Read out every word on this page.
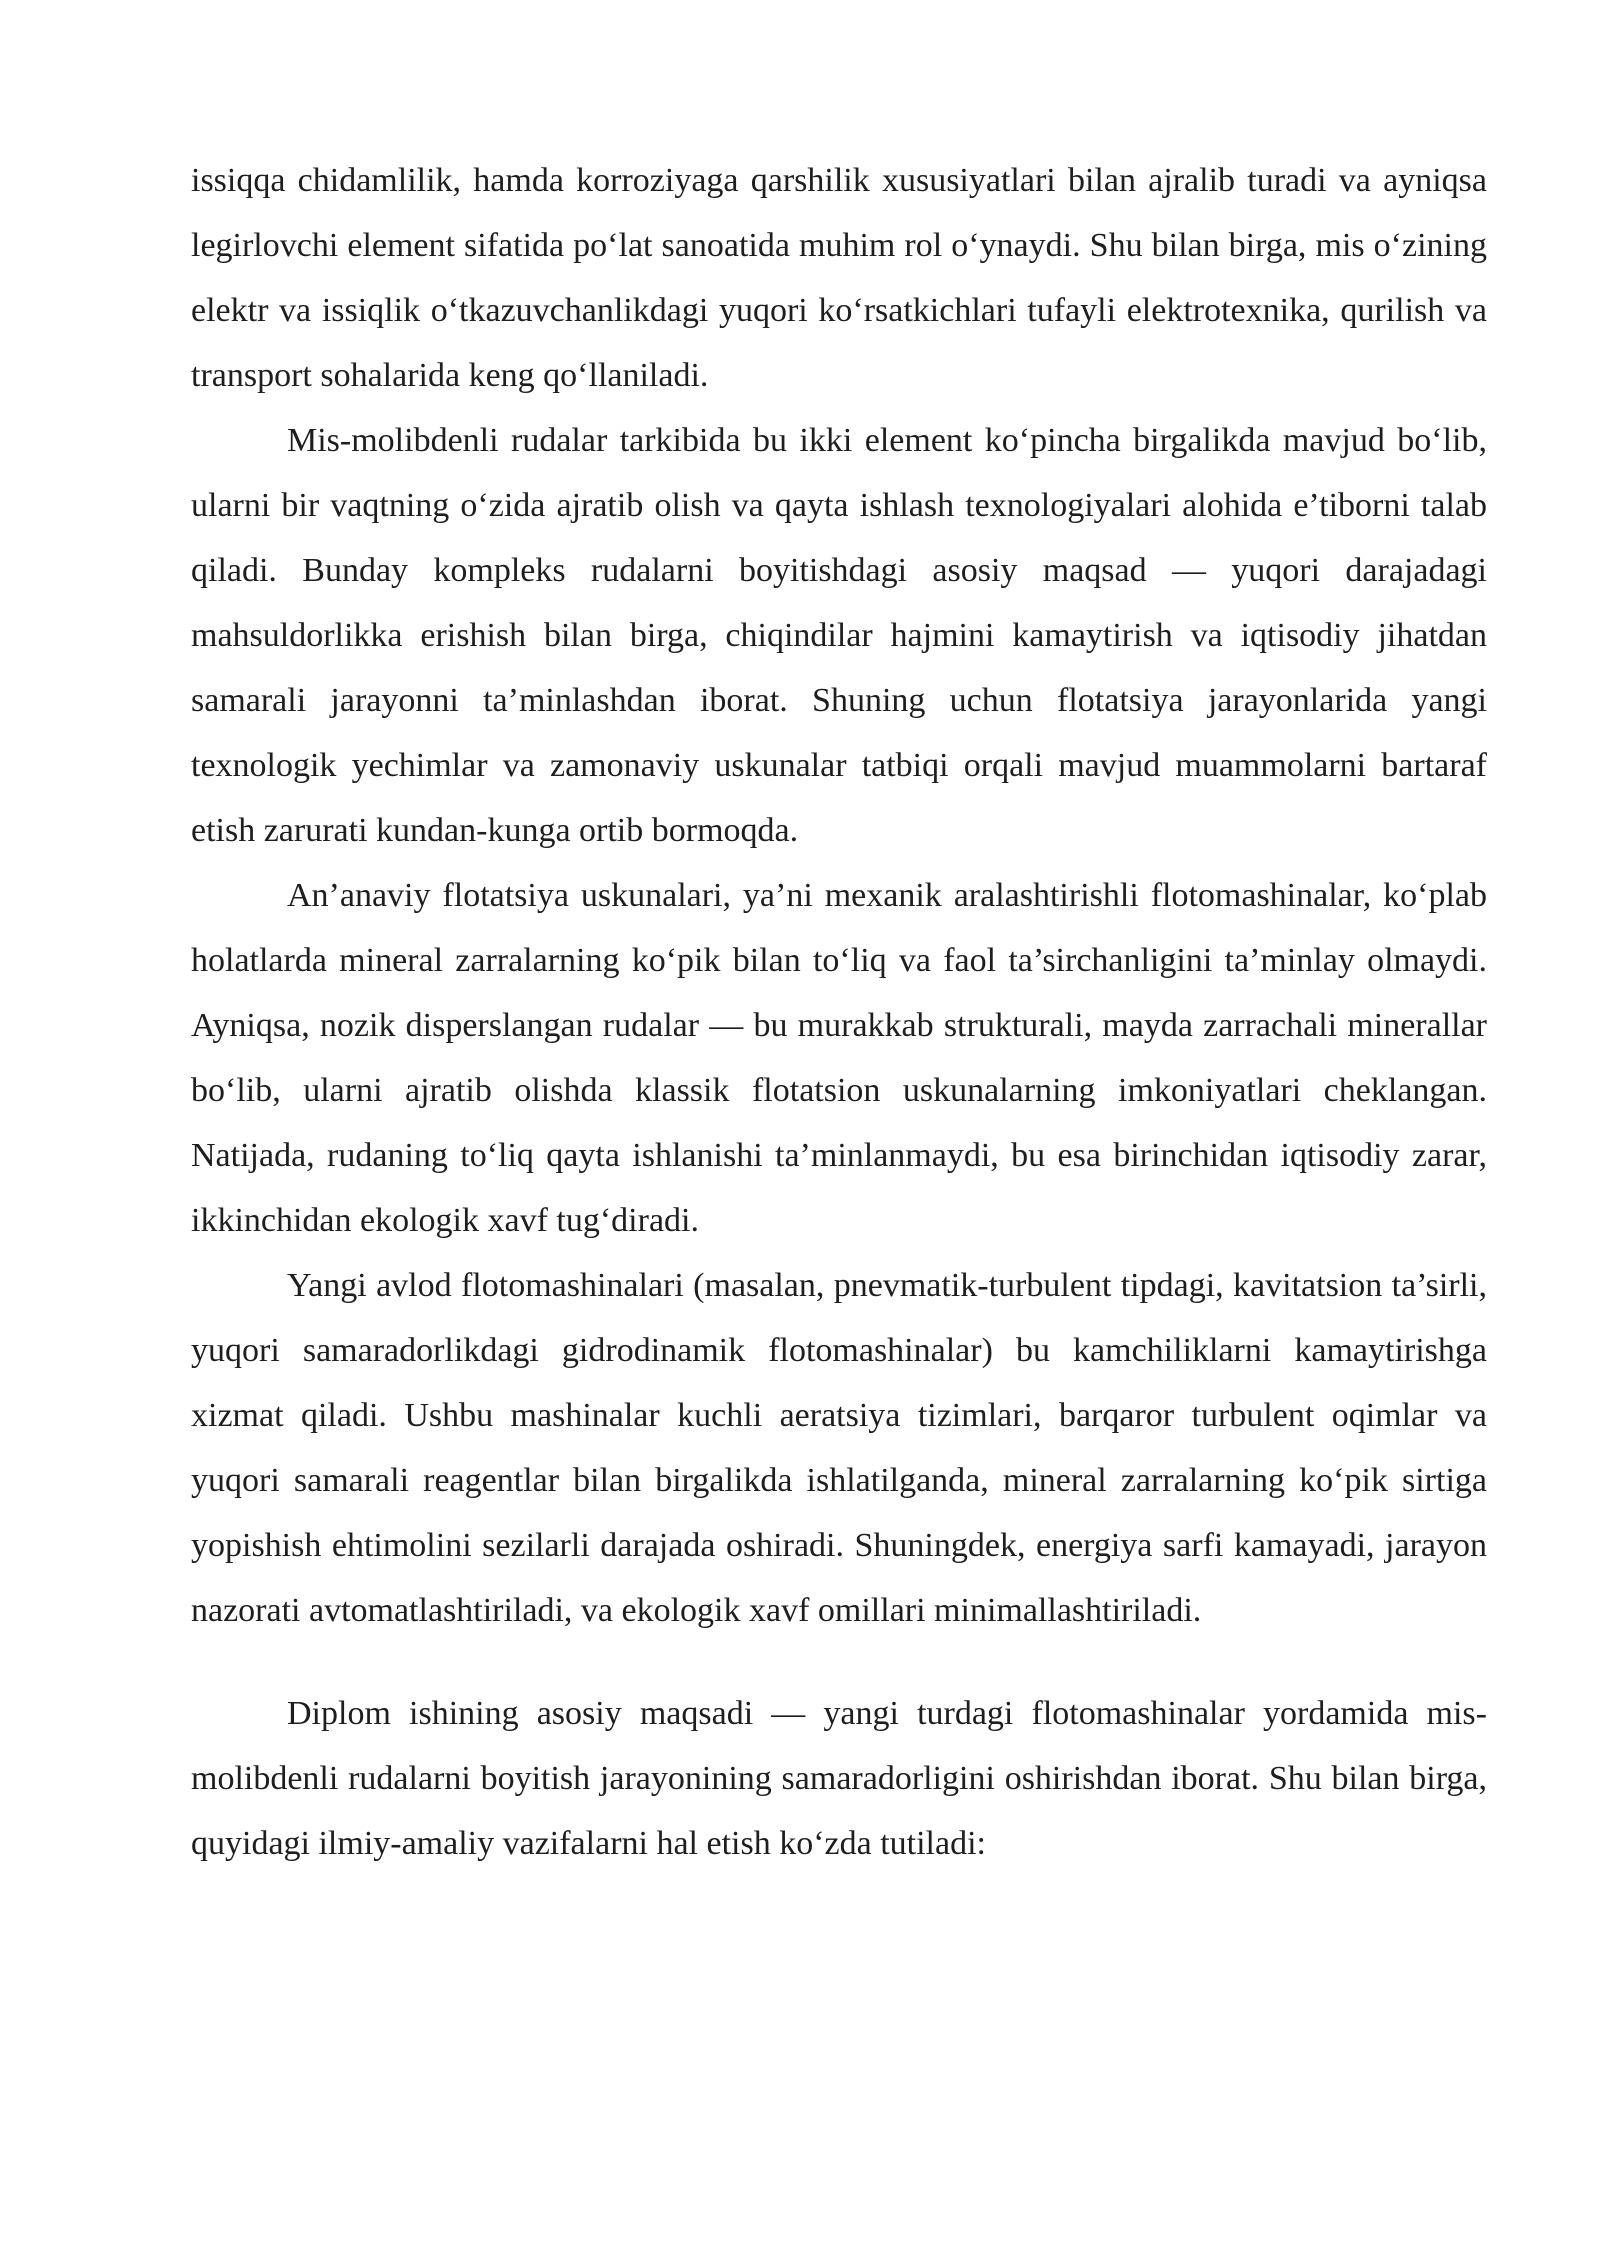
issiqqa chidamlilik, hamda korroziyaga qarshilik xususiyatlari bilan ajralib turadi va ayniqsa legirlovchi element sifatida po‘lat sanoatida muhim rol o‘ynaydi. Shu bilan birga, mis o‘zining elektr va issiqlik o‘tkazuvchanlikdagi yuqori ko‘rsatkichlari tufayli elektrotexnika, qurilish va transport sohalarida keng qo‘llaniladi.

Mis-molibdenli rudalar tarkibida bu ikki element ko‘pincha birgalikda mavjud bo‘lib, ularni bir vaqtning o‘zida ajratib olish va qayta ishlash texnologiyalari alohida e’tiborni talab qiladi. Bunday kompleks rudalarni boyitishdagi asosiy maqsad — yuqori darajadagi mahsuldorlikka erishish bilan birga, chiqindilar hajmini kamaytirish va iqtisodiy jihatdan samarali jarayonni ta’minlashdan iborat. Shuning uchun flotatsiya jarayonlarida yangi texnologik yechimlar va zamonaviy uskunalar tatbiqi orqali mavjud muammolarni bartaraf etish zarurati kundan-kunga ortib bormoqda.

An’anaviy flotatsiya uskunalari, ya’ni mexanik aralashtirishli flotomashinalar, ko‘plab holatlarda mineral zarralarning ko‘pik bilan to‘liq va faol ta’sirchanligini ta’minlay olmaydi. Ayniqsa, nozik disperslangan rudalar — bu murakkab strukturali, mayda zarrachali minerallar bo‘lib, ularni ajratib olishda klassik flotatsion uskunalarning imkoniyatlari cheklangan. Natijada, rudaning to‘liq qayta ishlanishi ta’minlanmaydi, bu esa birinchidan iqtisodiy zarar, ikkinchidan ekologik xavf tug‘diradi.

Yangi avlod flotomashinalari (masalan, pnevmatik-turbulent tipdagi, kavitatsion ta’sirli, yuqori samaradorlikdagi gidrodinamik flotomashinalar) bu kamchiliklarni kamaytirishga xizmat qiladi. Ushbu mashinalar kuchli aeratsiya tizimlari, barqaror turbulent oqimlar va yuqori samarali reagentlar bilan birgalikda ishlatilganda, mineral zarralarning ko‘pik sirtiga yopishish ehtimolini sezilarli darajada oshiradi. Shuningdek, energiya sarfi kamayadi, jarayon nazorati avtomatlashtiriladi, va ekologik xavf omillari minimallashtiriladi.

Diplom ishining asosiy maqsadi — yangi turdagi flotomashinalar yordamida mis-molibdenli rudalarni boyitish jarayonining samaradorligini oshirishdan iborat. Shu bilan birga, quyidagi ilmiy-amaliy vazifalarni hal etish ko‘zda tutiladi:
